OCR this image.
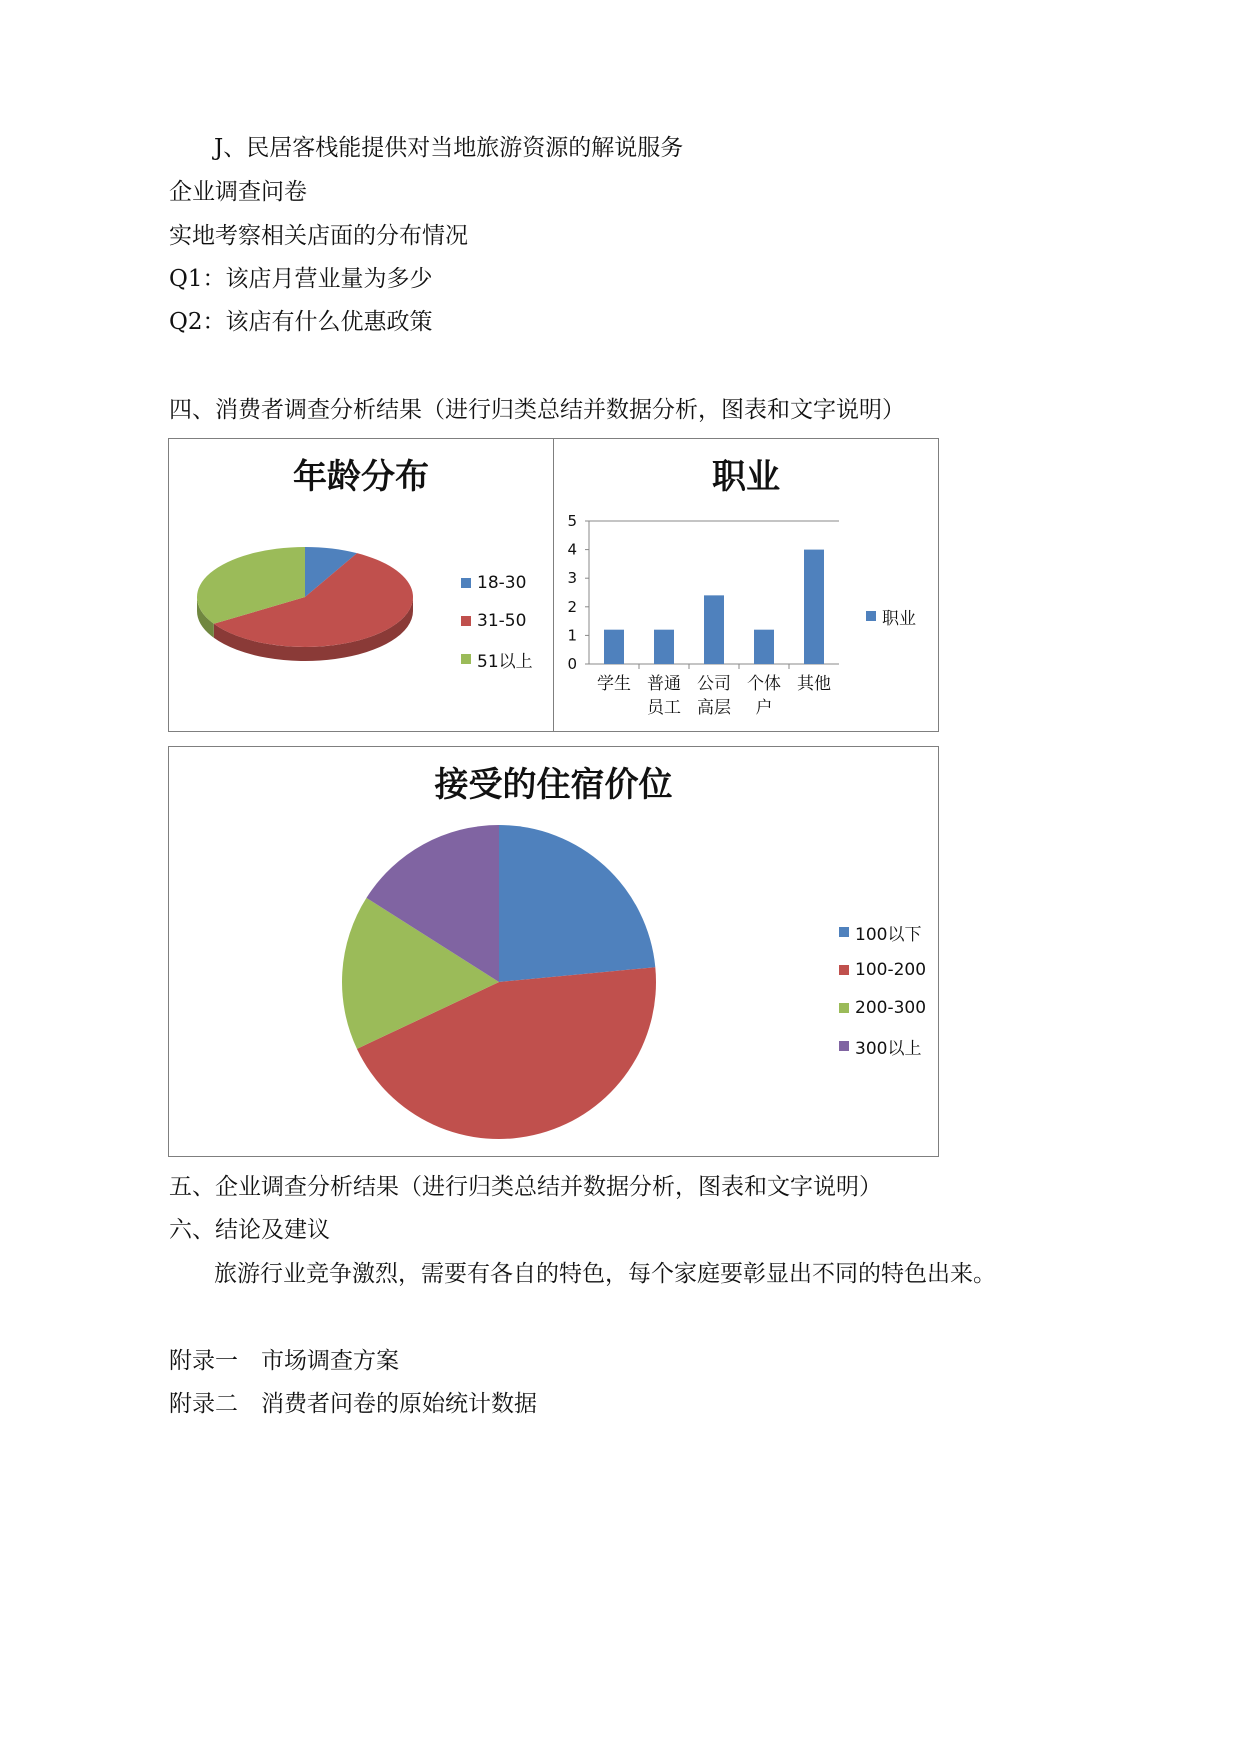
J、民居客栈能提供对当地旅游资源的解说服务
企业调查问卷
实地考察相关店面的分布情况
Q1：该店月营业量为多少
Q2：该店有什么优惠政策
四、消费者调查分析结果（进行归类总结并数据分析，图表和文字说明）
年龄分布
18-30
31-50
51以上
职业
0
1
2
3
4
5
学生 普通
员工
公司
高层
个体
户
其他
职业
接受的住宿价位
100以下
100-200
200-300
300以上
五、企业调查分析结果（进行归类总结并数据分析，图表和文字说明）
六、结论及建议
旅游行业竞争激烈，需要有各自的特色，每个家庭要彰显出不同的特色出来。
附录一　市场调查方案
附录二　消费者问卷的原始统计数据
